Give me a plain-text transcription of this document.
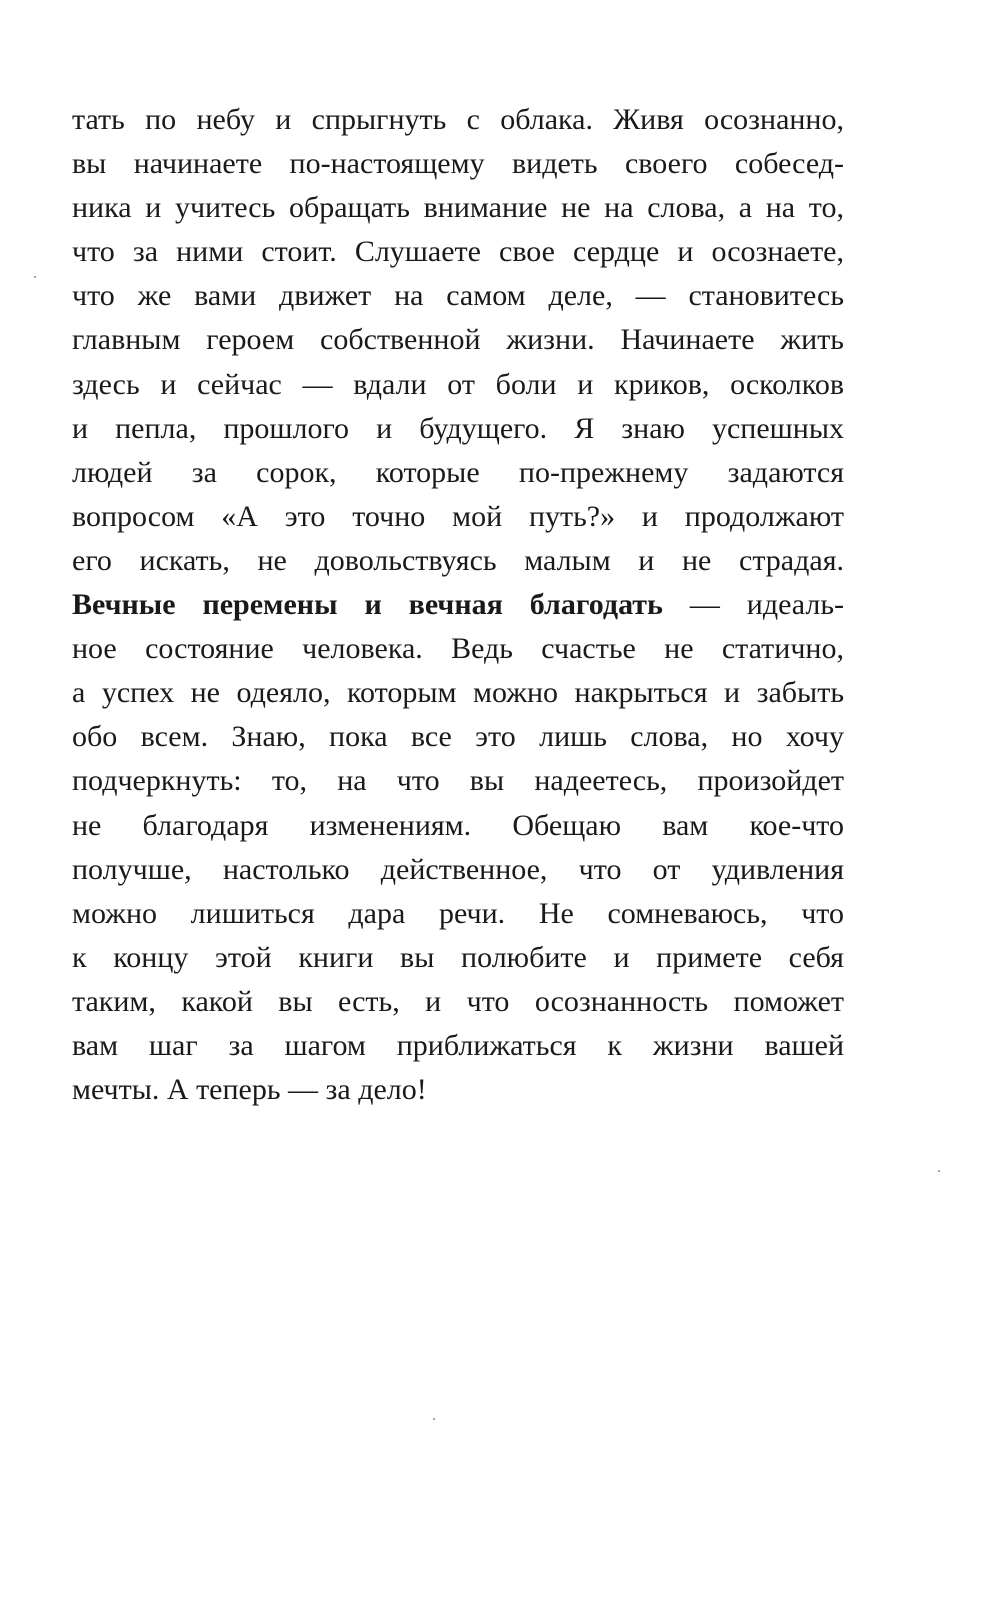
тать по небу и спрыгнуть с облака. Живя осознанно,
вы начинаете по-настоящему видеть своего собесед-
ника и учитесь обращать внимание не на слова, а на то,
что за ними стоит. Слушаете свое сердце и осознаете,
что же вами движет на самом деле, — становитесь
главным героем собственной жизни. Начинаете жить
здесь и сейчас — вдали от боли и криков, осколков
и пепла, прошлого и будущего. Я знаю успешных
людей за сорок, которые по-прежнему задаются
вопросом «А это точно мой путь?» и продолжают
его искать, не довольствуясь малым и не страдая.
Вечные перемены и вечная благодать — идеаль-
ное состояние человека. Ведь счастье не статично,
а успех не одеяло, которым можно накрыться и забыть
обо всем. Знаю, пока все это лишь слова, но хочу
подчеркнуть: то, на что вы надеетесь, произойдет
не благодаря изменениям. Обещаю вам кое-что
получше, настолько действенное, что от удивления
можно лишиться дара речи. Не сомневаюсь, что
к концу этой книги вы полюбите и примете себя
таким, какой вы есть, и что осознанность поможет
вам шаг за шагом приближаться к жизни вашей
мечты. А теперь — за дело!
